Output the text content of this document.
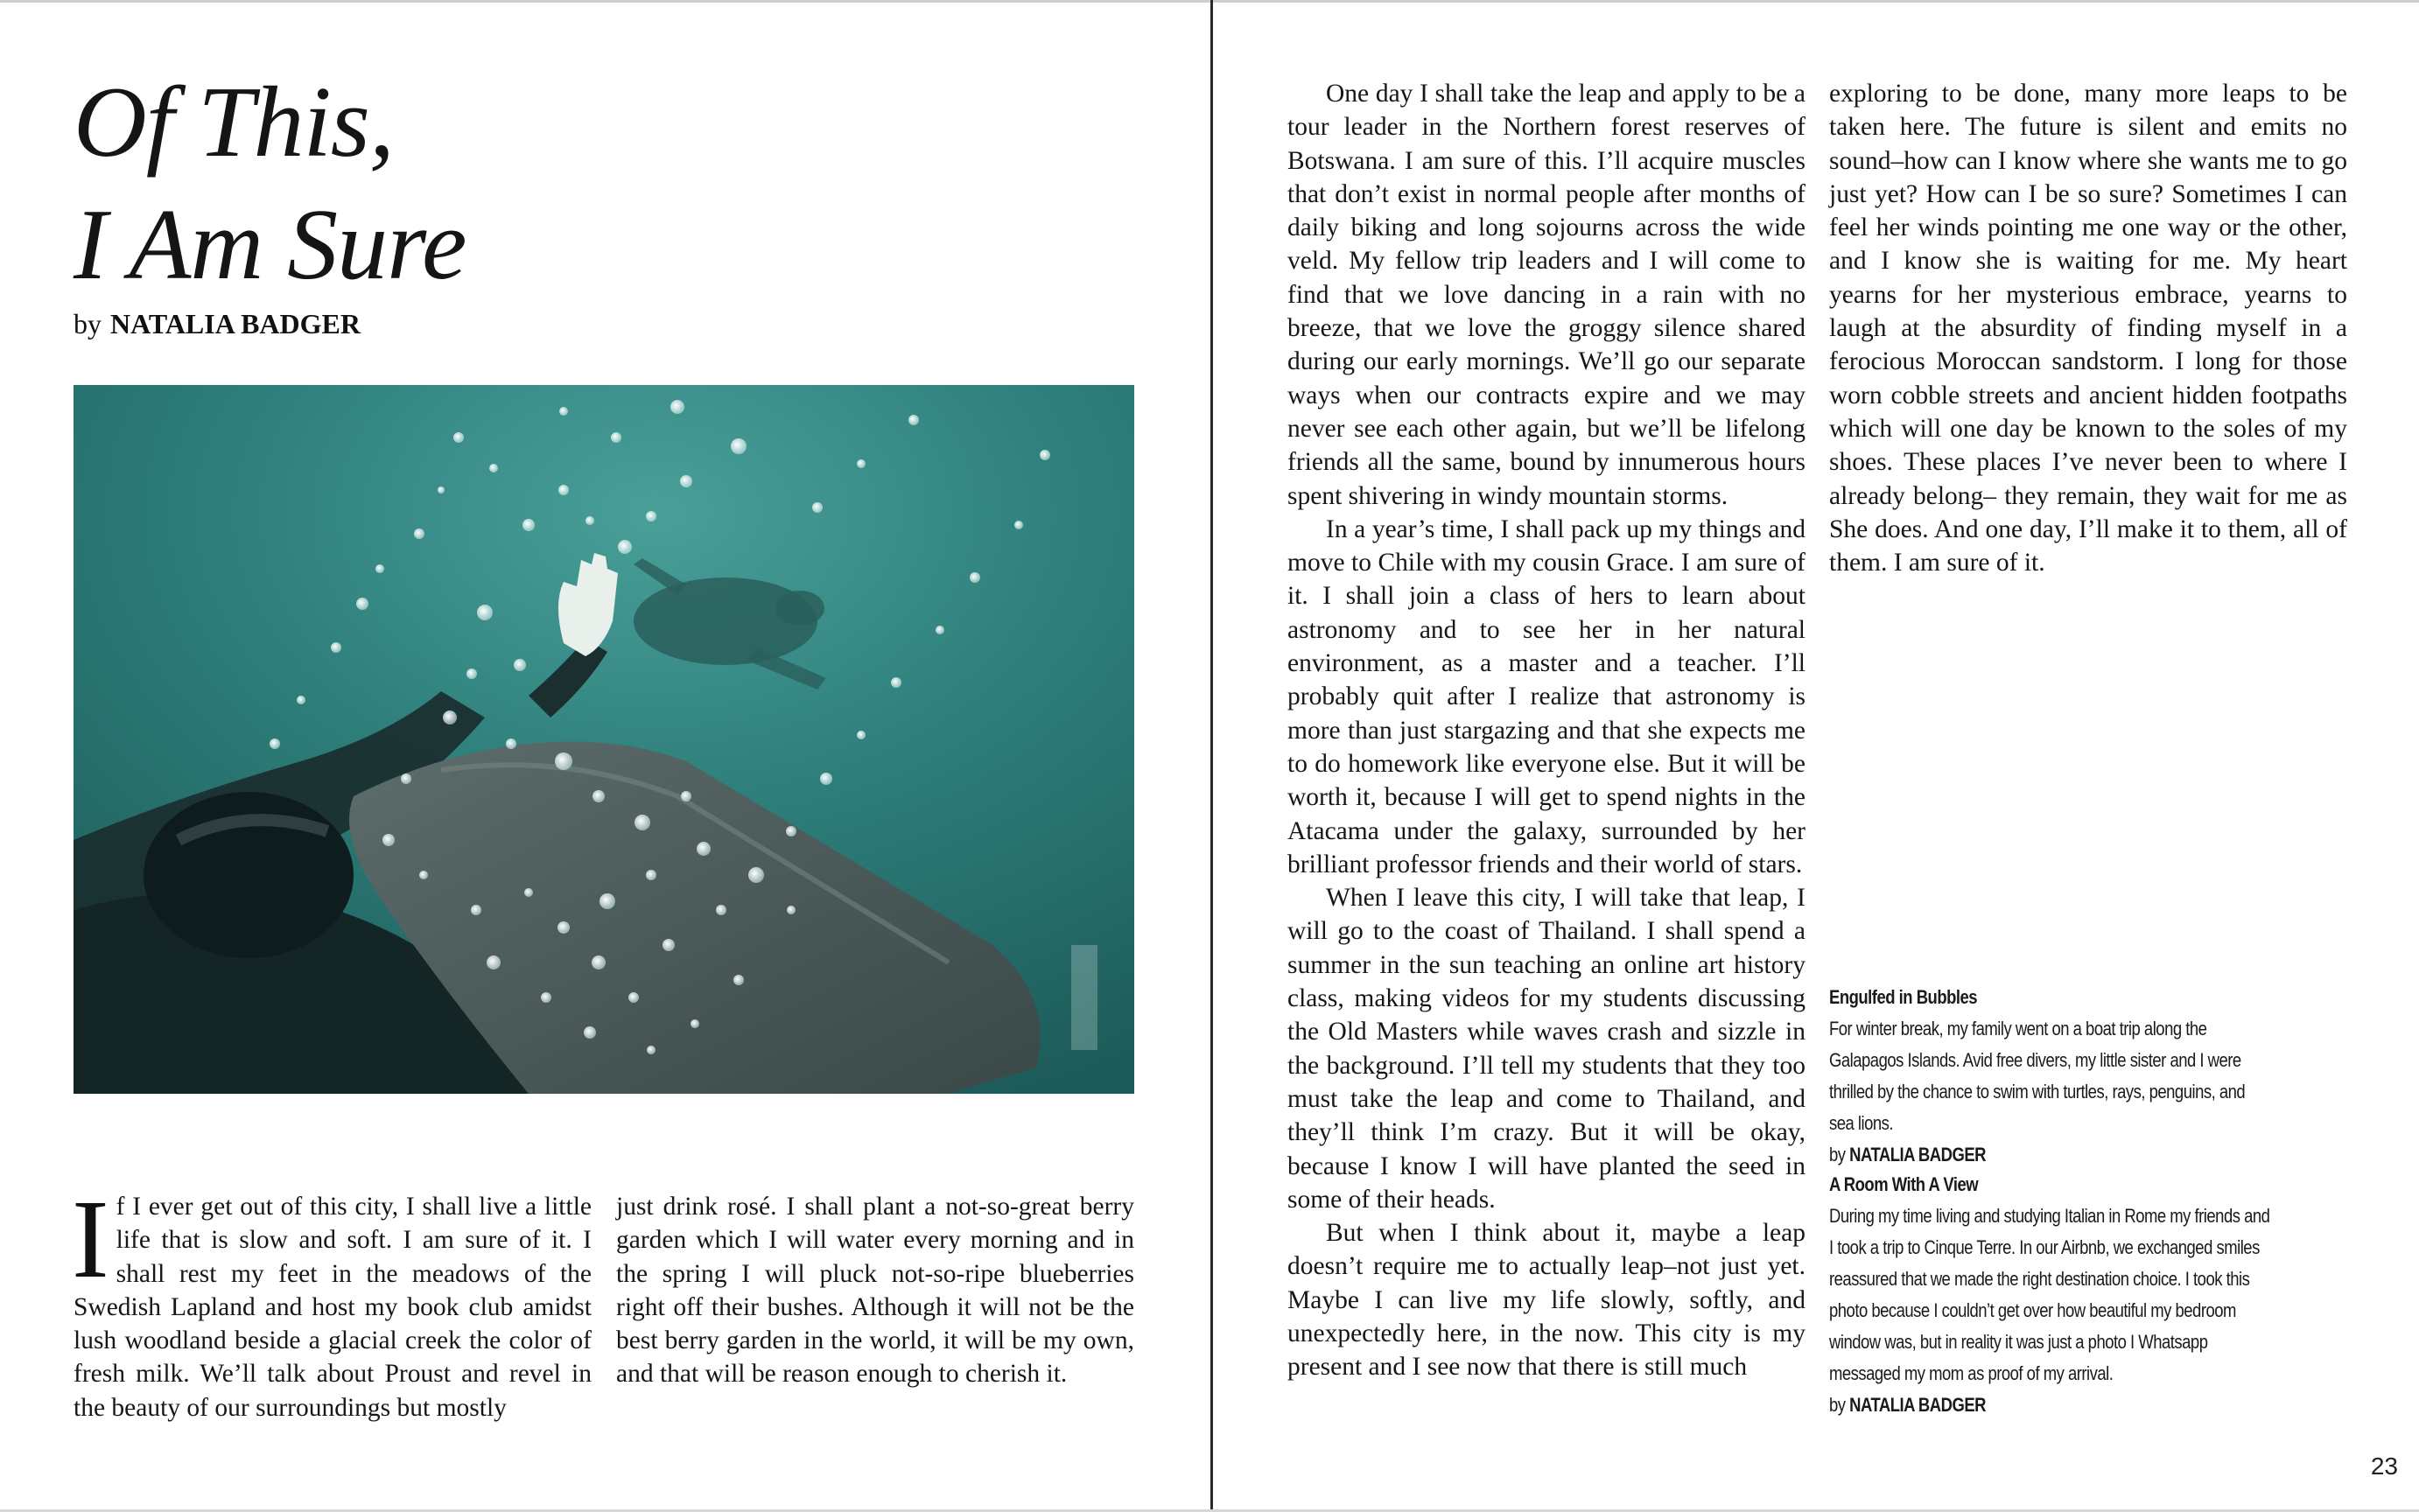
Of This,
I Am Sure
by NATALIA BADGER

If I ever get out of this city, I shall live a little life that is slow and soft. I am sure of it. I shall rest my feet in the meadows of the Swedish Lapland and host my book club amidst lush woodland beside a glacial creek the color of fresh milk. We’ll talk about Proust and revel in the beauty of our surroundings but mostly

just drink rosé. I shall plant a not-so-great berry garden which I will water every morning and in the spring I will pluck not-so-ripe blueberries right off their bushes. Although it will not be the best berry garden in the world, it will be my own, and that will be reason enough to cherish it.

One day I shall take the leap and apply to be a tour leader in the Northern forest reserves of Botswana. I am sure of this. I’ll acquire muscles that don’t exist in normal people after months of daily biking and long sojourns across the wide veld. My fellow trip leaders and I will come to find that we love dancing in a rain with no breeze, that we love the groggy silence shared during our early mornings. We’ll go our separate ways when our contracts expire and we may never see each other again, but we’ll be lifelong friends all the same, bound by innumerous hours spent shivering in windy mountain storms.

In a year’s time, I shall pack up my things and move to Chile with my cousin Grace. I am sure of it. I shall join a class of hers to learn about astronomy and to see her in her natural environment, as a master and a teacher. I’ll probably quit after I realize that astronomy is more than just stargazing and that she expects me to do homework like everyone else. But it will be worth it, because I will get to spend nights in the Atacama under the galaxy, surrounded by her brilliant professor friends and their world of stars.

When I leave this city, I will take that leap, I will go to the coast of Thailand. I shall spend a summer in the sun teaching an online art history class, making videos for my students discussing the Old Masters while waves crash and sizzle in the background. I’ll tell my students that they too must take the leap and come to Thailand, and they’ll think I’m crazy. But it will be okay, because I know I will have planted the seed in some of their heads.

But when I think about it, maybe a leap doesn’t require me to actually leap–not just yet. Maybe I can live my life slowly, softly, and unexpectedly here, in the now. This city is my present and I see now that there is still much

exploring to be done, many more leaps to be taken here. The future is silent and emits no sound–how can I know where she wants me to go just yet? How can I be so sure? Sometimes I can feel her winds pointing me one way or the other, and I know she is waiting for me. My heart yearns for her mysterious embrace, yearns to laugh at the absurdity of finding myself in a ferocious Moroccan sandstorm. I long for those worn cobble streets and ancient hidden footpaths which will one day be known to the soles of my shoes. These places I’ve never been to where I already belong– they remain, they wait for me as She does. And one day, I’ll make it to them, all of them. I am sure of it.

Engulfed in Bubbles
For winter break, my family went on a boat trip along the Galapagos Islands. Avid free divers, my little sister and I were thrilled by the chance to swim with turtles, rays, penguins, and sea lions.
by NATALIA BADGER
A Room With A View
During my time living and studying Italian in Rome my friends and I took a trip to Cinque Terre. In our Airbnb, we exchanged smiles reassured that we made the right destination choice. I took this photo because I couldn’t get over how beautiful my bedroom window was, but in reality it was just a photo I Whatsapp messaged my mom as proof of my arrival.
by NATALIA BADGER
23
